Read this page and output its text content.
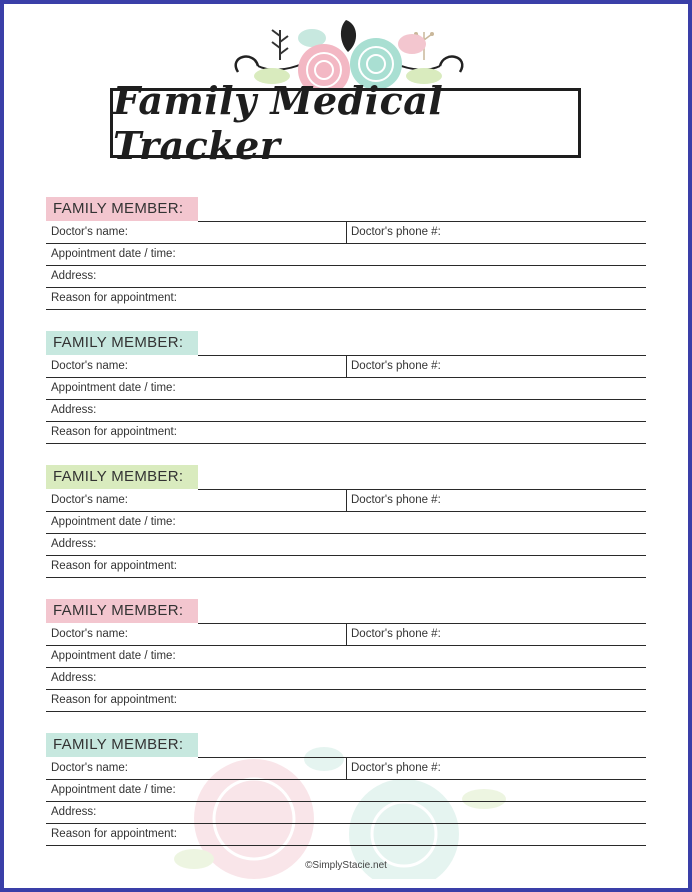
Family Medical Tracker
FAMILY MEMBER:
Doctor's name:	Doctor's phone #:
Appointment date / time:
Address:
Reason for appointment:
FAMILY MEMBER:
Doctor's name:	Doctor's phone #:
Appointment date / time:
Address:
Reason for appointment:
FAMILY MEMBER:
Doctor's name:	Doctor's phone #:
Appointment date / time:
Address:
Reason for appointment:
FAMILY MEMBER:
Doctor's name:	Doctor's phone #:
Appointment date / time:
Address:
Reason for appointment:
FAMILY MEMBER:
Doctor's name:	Doctor's phone #:
Appointment date / time:
Address:
Reason for appointment:
©SimplyStacie.net
